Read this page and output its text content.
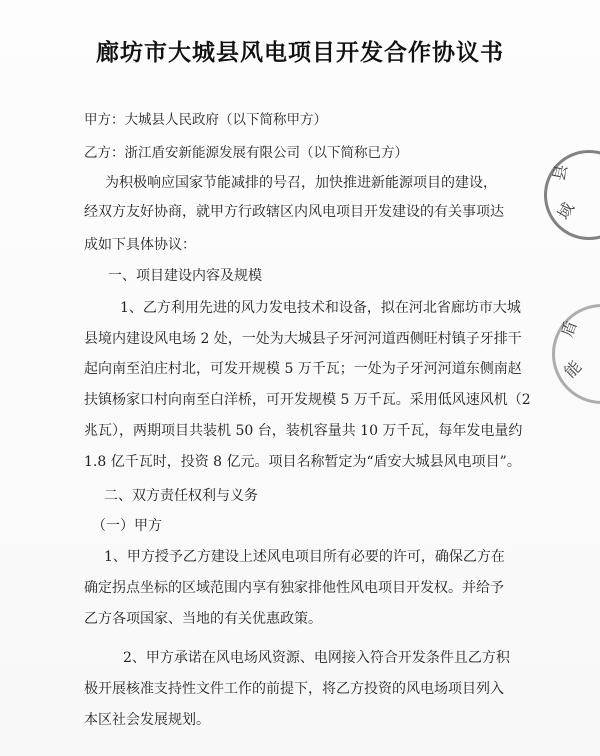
廊坊市大城县风电项目开发合作协议书
甲方：大城县人民政府（以下简称甲方）
乙方：浙江盾安新能源发展有限公司（以下简称已方）
为积极响应国家节能减排的号召，加快推进新能源项目的建设，
经双方友好协商，就甲方行政辖区内风电项目开发建设的有关事项达
成如下具体协议：
一、项目建设内容及规模
1、乙方利用先进的风力发电技术和设备，拟在河北省廊坊市大城
县境内建设风电场 2 处，一处为大城县子牙河河道西侧旺村镇子牙排干
起向南至泊庄村北，可发开规模 5 万千瓦；一处为子牙河河道东侧南赵
扶镇杨家口村向南至白洋桥，可开发规模 5 万千瓦。采用低风速风机（2
兆瓦），两期项目共装机 50 台，装机容量共 10 万千瓦，每年发电量约
1.8 亿千瓦时，投资 8 亿元。项目名称暂定为“盾安大城县风电项目”。
二、双方责任权利与义务
（一）甲方
1、甲方授予乙方建设上述风电项目所有必要的许可，确保乙方在
确定拐点坐标的区域范围内享有独家排他性风电项目开发权。并给予
乙方各项国家、当地的有关优惠政策。
2、甲方承诺在风电场风资源、电网接入符合开发条件且乙方积
极开展核准支持性文件工作的前提下，将乙方投资的风电场项目列入
本区社会发展规划。
县
域
盾
能
